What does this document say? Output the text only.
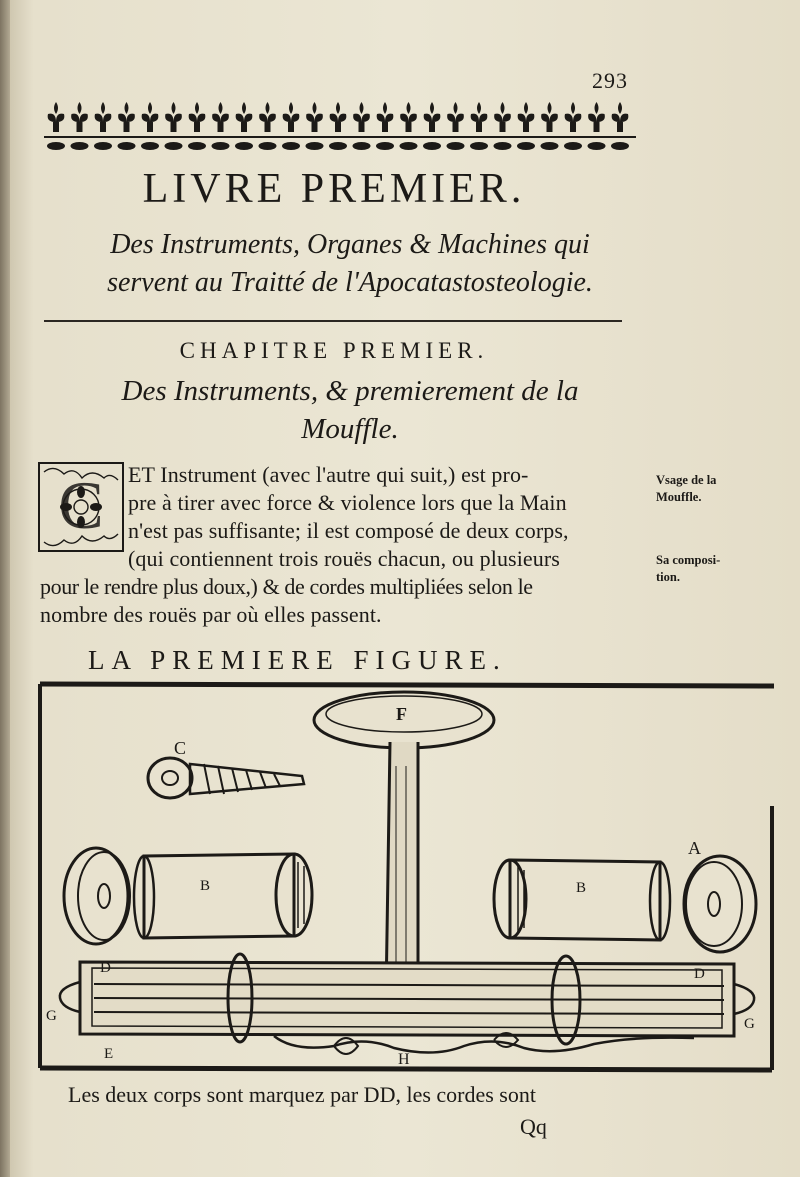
293
LIVRE PREMIER.
Des Instruments, Organes & Machines qui
servent au Traitté de l'Apocatastosteologie.
CHAPITRE PREMIER.
Des Instruments, & premierement de la
Mouffle.
C ET Instrument (avec l'autre qui suit,) est pro-
pre à tirer avec force & violence lors que la Main
n'est pas suffisante; il est composé de deux corps,
(qui contiennent trois rouës chacun, ou plusieurs
pour le rendre plus doux,) & de cordes multipliées selon le
nombre des rouës par où elles passent.
Vsage de la
Mouffle.
Sa composi-
tion.
LA PREMIERE FIGURE.
F
C
A
B	B
D	D
G	G
E	H
Les deux corps sont marquez par DD, les cordes sont
Qq
